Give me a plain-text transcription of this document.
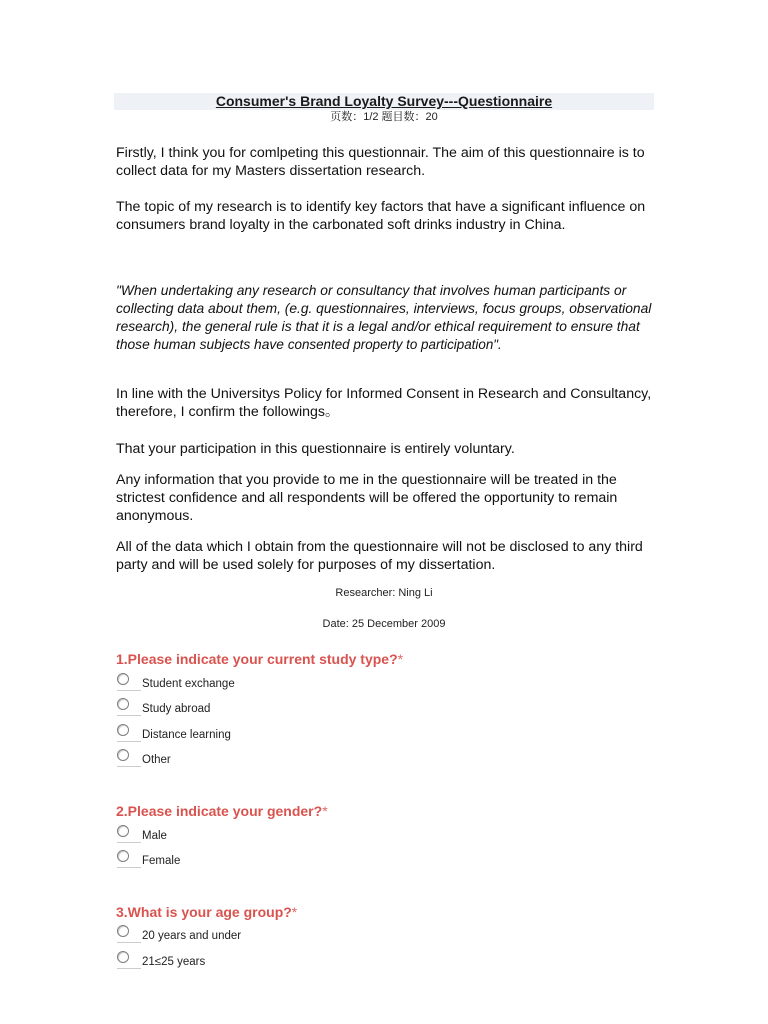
Consumer's Brand Loyalty Survey---Questionnaire
页数：1/2 题目数：20

Firstly, I think you for comlpeting this questionnair. The aim of this questionnaire is to collect data for my Masters dissertation research.

The topic of my research is to identify key factors that have a significant influence on consumers brand loyalty in the carbonated soft drinks industry in China.

"When undertaking any research or consultancy that involves human participants or collecting data about them, (e.g. questionnaires, interviews, focus groups, observational research), the general rule is that it is a legal and/or ethical requirement to ensure that those human subjects have consented property to participation".

In line with the Universitys Policy for Informed Consent in Research and Consultancy, therefore, I confirm the followings。

That your participation in this questionnaire is entirely voluntary.

Any information that you provide to me in the questionnaire will be treated in the strictest confidence and all respondents will be offered the opportunity to remain anonymous.

All of the data which I obtain from the questionnaire will not be disclosed to any third party and will be used solely for purposes of my dissertation.

Researcher: Ning Li
Date: 25 December 2009

1.Please indicate your current study type?*

Student exchange
Study abroad
Distance learning
Other

2.Please indicate your gender?*

Male
Female

3.What is your age group?*

20 years and under
21≤25 years
